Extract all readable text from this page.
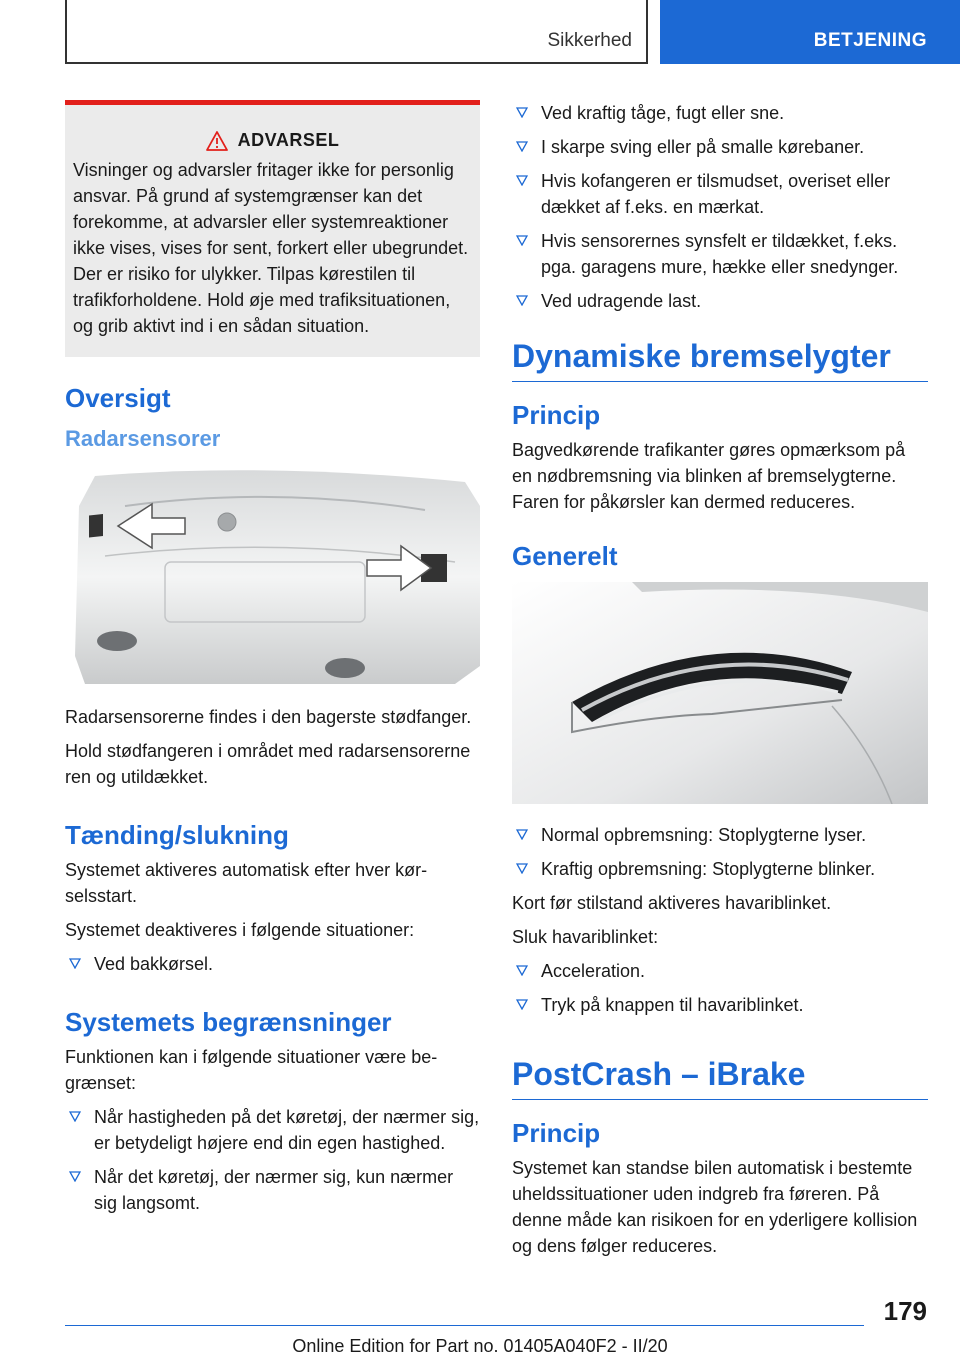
Sikkerhed	BETJENING
ADVARSEL

Visninger og advarsler fritager ikke for personlig ansvar. På grund af systemgrænser kan det forekomme, at advarsler eller systemreaktioner ikke vises, vises for sent, forkert eller ubegrundet. Der er risiko for ulykker. Tilpas kørestilen til trafikforholdene. Hold øje med trafiksituationen, og grib aktivt ind i en sådan situation.

Oversigt
Radarsensorer

Radarsensorerne findes i den bagerste stødfanger.

Hold stødfangeren i området med radarsensorerne ren og utildækket.

Tænding/slukning

Systemet aktiveres automatisk efter hver kørselsstart.

Systemet deaktiveres i følgende situationer:

Ved bakkørsel.
Systemets begrænsninger

Funktionen kan i følgende situationer være begrænset:

Når hastigheden på det køretøj, der nærmer sig, er betydeligt højere end din egen hastighed.
Når det køretøj, der nærmer sig, kun nærmer sig langsomt.
Ved kraftig tåge, fugt eller sne.
I skarpe sving eller på smalle kørebaner.
Hvis kofangeren er tilsmudset, overiset eller dækket af f.eks. en mærkat.
Hvis sensorernes synsfelt er tildækket, f.eks. pga. garagens mure, hække eller snedynger.
Ved udragende last.
Dynamiske bremselygter
Princip

Bagvedkørende trafikanter gøres opmærksom på en nødbremsning via blinken af bremselygterne. Faren for påkørsler kan dermed reduceres.

Generelt
Normal opbremsning: Stoplygterne lyser.
Kraftig opbremsning: Stoplygterne blinker.

Kort før stilstand aktiveres havariblinket.

Sluk havariblinket:

Acceleration.
Tryk på knappen til havariblinket.
PostCrash – iBrake
Princip

Systemet kan standse bilen automatisk i bestemte uheldssituationer uden indgreb fra føreren. På denne måde kan risikoen for en yderligere kollision og dens følger reduceres.

179
Online Edition for Part no. 01405A040F2 - II/20
